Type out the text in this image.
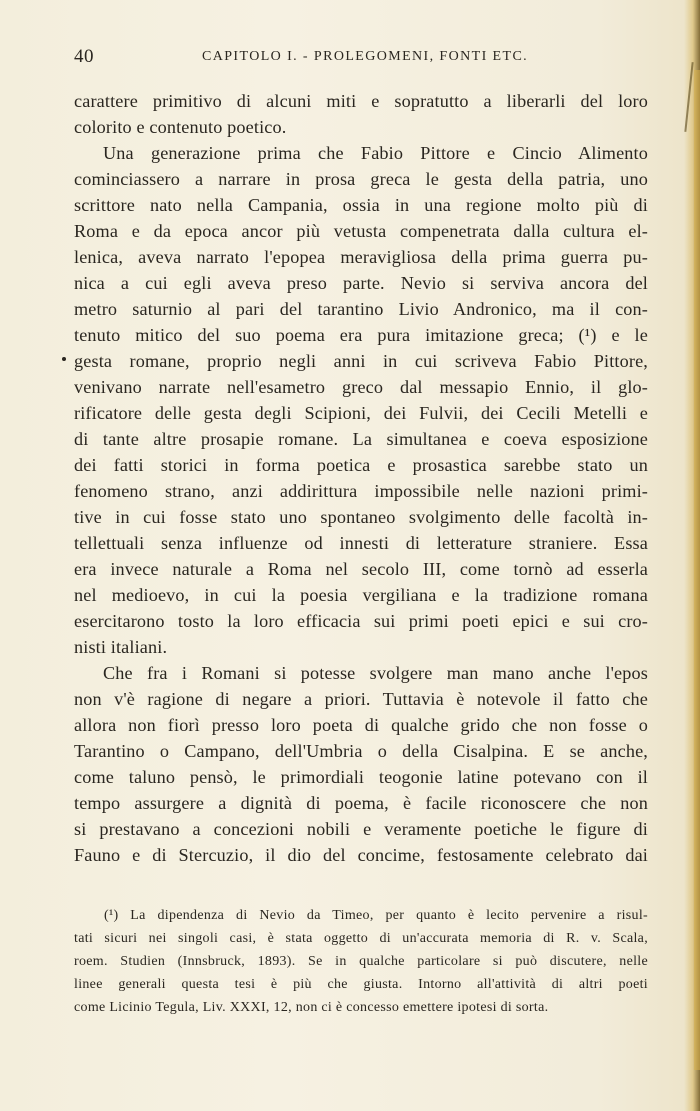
40	CAPITOLO I. - PROLEGOMENI, FONTI ETC.
carattere primitivo di alcuni miti e sopratutto a liberarli del loro
colorito e contenuto poetico.
Una generazione prima che Fabio Pittore e Cincio Alimento
cominciassero a narrare in prosa greca le gesta della patria, uno
scrittore nato nella Campania, ossia in una regione molto più di
Roma e da epoca ancor più vetusta compenetrata dalla cultura el-
lenica, aveva narrato l'epopea meravigliosa della prima guerra pu-
nica a cui egli aveva preso parte. Nevio si serviva ancora del
metro saturnio al pari del tarantino Livio Andronico, ma il con-
tenuto mitico del suo poema era pura imitazione greca; (¹) e le
gesta romane, proprio negli anni in cui scriveva Fabio Pittore,
venivano narrate nell'esametro greco dal messapio Ennio, il glo-
rificatore delle gesta degli Scipioni, dei Fulvii, dei Cecili Metelli e
di tante altre prosapie romane. La simultanea e coeva esposizione
dei fatti storici in forma poetica e prosastica sarebbe stato un
fenomeno strano, anzi addirittura impossibile nelle nazioni primi-
tive in cui fosse stato uno spontaneo svolgimento delle facoltà in-
tellettuali senza influenze od innesti di letterature straniere. Essa
era invece naturale a Roma nel secolo III, come tornò ad esserla
nel medioevo, in cui la poesia vergiliana e la tradizione romana
esercitarono tosto la loro efficacia sui primi poeti epici e sui cro-
nisti italiani.
Che fra i Romani si potesse svolgere man mano anche l'epos
non v'è ragione di negare a priori. Tuttavia è notevole il fatto che
allora non fiorì presso loro poeta di qualche grido che non fosse o
Tarantino o Campano, dell'Umbria o della Cisalpina. E se anche,
come taluno pensò, le primordiali teogonie latine potevano con il
tempo assurgere a dignità di poema, è facile riconoscere che non
si prestavano a concezioni nobili e veramente poetiche le figure di
Fauno e di Stercuzio, il dio del concime, festosamente celebrato dai
(¹) La dipendenza di Nevio da Timeo, per quanto è lecito pervenire a risul-
tati sicuri nei singoli casi, è stata oggetto di un'accurata memoria di R. v. Scala,
roem. Studien (Innsbruck, 1893). Se in qualche particolare si può discutere, nelle
linee generali questa tesi è più che giusta. Intorno all'attività di altri poeti
come Licinio Tegula, Liv. XXXI, 12, non ci è concesso emettere ipotesi di sorta.
